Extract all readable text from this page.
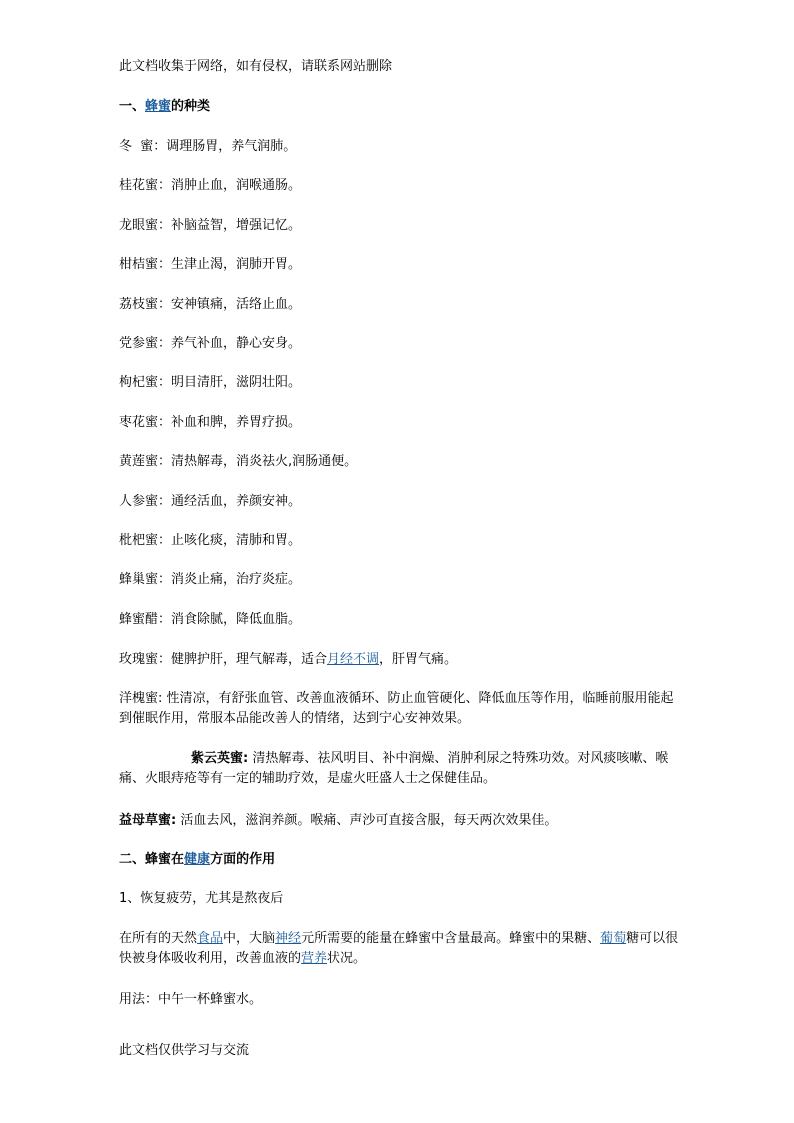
此文档收集于网络，如有侵权，请联系网站删除

一、蜂蜜的种类

冬  蜜：调理肠胃，养气润肺。

桂花蜜：消肿止血，润喉通肠。

龙眼蜜：补脑益智，增强记忆。

柑桔蜜：生津止渴，润肺开胃。

荔枝蜜：安神镇痛，活络止血。

党参蜜：养气补血，静心安身。

枸杞蜜：明目清肝，滋阴壮阳。

枣花蜜：补血和脾，养胃疗损。

黄莲蜜：清热解毒，消炎祛火,润肠通便。

人参蜜：通经活血，养颜安神。

枇杷蜜：止咳化痰，清肺和胃。

蜂巢蜜：消炎止痛，治疗炎症。

蜂蜜醋：消食除腻，降低血脂。

玫瑰蜜：健脾护肝，理气解毒，适合月经不调，肝胃气痛。

洋槐蜜: 性清凉，有舒张血管、改善血液循环、防止血管硬化、降低血压等作用，临睡前服用能起到催眠作用，常服本品能改善人的情绪，达到宁心安神效果。

紫云英蜜: 清热解毒、祛风明目、补中润燥、消肿利尿之特殊功效。对风痰咳嗽、喉痛、火眼痔疮等有一定的辅助疗效，是虚火旺盛人士之保健佳品。

益母草蜜: 活血去风，滋润养颜。喉痛、声沙可直接含服，每天两次效果佳。

二、蜂蜜在健康方面的作用

1、恢复疲劳，尤其是熬夜后

在所有的天然食品中，大脑神经元所需要的能量在蜂蜜中含量最高。蜂蜜中的果糖、葡萄糖可以很快被身体吸收利用，改善血液的营养状况。

用法：中午一杯蜂蜜水。

此文档仅供学习与交流
